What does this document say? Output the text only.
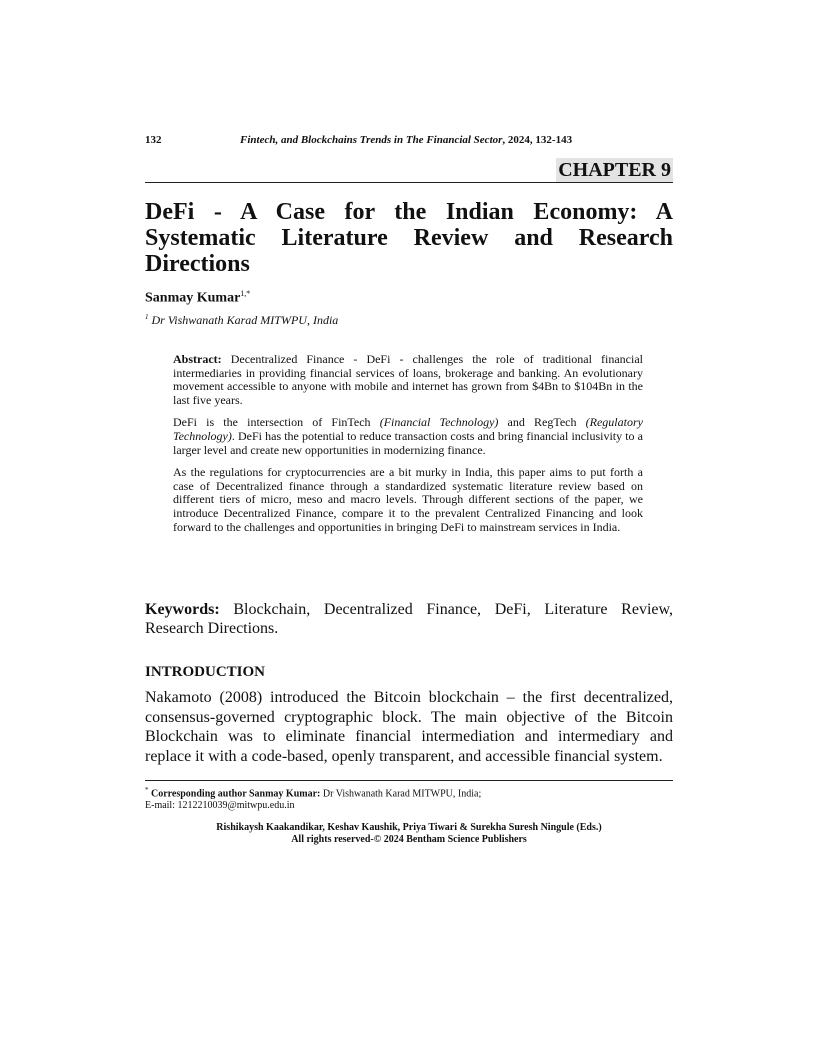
132	Fintech, and Blockchains Trends in The Financial Sector, 2024, 132-143
CHAPTER 9
DeFi - A Case for the Indian Economy: A Systematic Literature Review and Research Directions
Sanmay Kumar$^{1,*}$
$^1$ Dr Vishwanath Karad MITWPU, India

Abstract: Decentralized Finance - DeFi - challenges the role of traditional financial intermediaries in providing financial services of loans, brokerage and banking. An evolutionary movement accessible to anyone with mobile and internet has grown from $4Bn to $104Bn in the last five years.

DeFi is the intersection of FinTech (Financial Technology) and RegTech (Regulatory Technology). DeFi has the potential to reduce transaction costs and bring financial inclusivity to a larger level and create new opportunities in modernizing finance.

As the regulations for cryptocurrencies are a bit murky in India, this paper aims to put forth a case of Decentralized finance through a standardized systematic literature review based on different tiers of micro, meso and macro levels. Through different sections of the paper, we introduce Decentralized Finance, compare it to the prevalent Centralized Financing and look forward to the challenges and opportunities in bringing DeFi to mainstream services in India.

Keywords: Blockchain, Decentralized Finance, DeFi, Literature Review, Research Directions.
INTRODUCTION

Nakamoto (2008) introduced the Bitcoin blockchain – the first decentralized, consensus-governed cryptographic block. The main objective of the Bitcoin Blockchain was to eliminate financial intermediation and intermediary and replace it with a code-based, openly transparent, and accessible financial system.

* Corresponding author Sanmay Kumar: Dr Vishwanath Karad MITWPU, India;
E-mail: 1212210039@mitwpu.edu.in
Rishikaysh Kaakandikar, Keshav Kaushik, Priya Tiwari & Surekha Suresh Ningule (Eds.)
All rights reserved-© 2024 Bentham Science Publishers
